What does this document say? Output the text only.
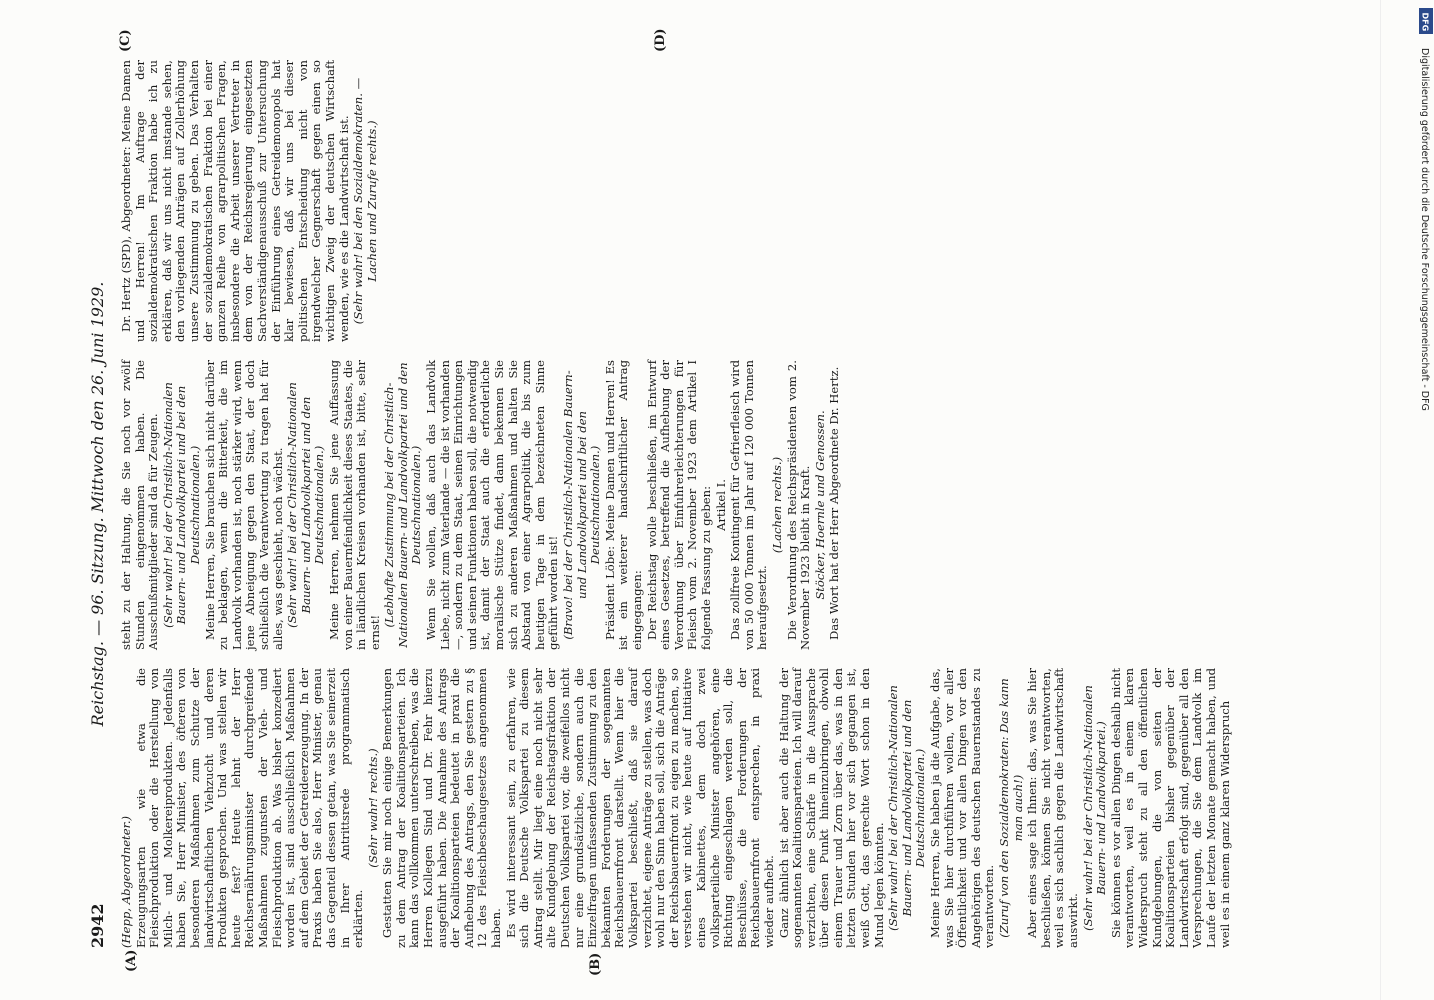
2942
Reichstag. — 96. Sitzung. Mittwoch den 26. Juni 1929.
(A)	(B)
(C)	(D)

(Hepp, Abgeordneter.) Erzeugungsarten wie etwa die Fleischproduktion oder die Herstellung von Milch- und Molkereiprodukten. Jedenfalls haben Sie, Herr Minister, des öfteren von besonderen Maßnahmen zum Schutze der landwirtschaftlichen Viehzucht und deren Produkten gesprochen. Und was stellen wir heute fest? Heute lehnt der Herr Reichsernährungsminister durchgreifende Maßnahmen zugunsten der Vieh- und Fleischproduktion ab. Was bisher konzediert worden ist, sind ausschließlich Maßnahmen auf dem Gebiet der Getreideerzeugung. In der Praxis haben Sie also, Herr Minister, genau das Gegenteil dessen getan, was Sie seinerzeit in Ihrer Antrittsrede programmatisch erklärten.

(Sehr wahr! rechts.) Gestatten Sie mir noch einige Bemerkungen zu dem Antrag der Koalitionsparteien. Ich kann das vollkommen unterschreiben, was die Herren Kollegen Sind und Dr. Fehr hierzu ausgeführt haben. Die Annahme des Antrags der Koalitionsparteien bedeutet in praxi die Aufhebung des Antrags, den Sie gestern zu § 12 des Fleischbeschaugesetzes angenommen haben. Es wird interessant sein, zu erfahren, wie sich die Deutsche Volkspartei zu diesem Antrag stellt. Mir liegt eine noch nicht sehr alte Kundgebung der Reichstagsfraktion der Deutschen Volkspartei vor, die zweifellos nicht nur eine grundsätzliche, sondern auch die Einzelfragen umfassenden Zustimmung zu den bekannten Forderungen der sogenannten Reichsbauernfront darstellt. Wenn hier die Volkspartei beschließt, daß sie darauf verzichtet, eigene Anträge zu stellen, was doch wohl nur den Sinn haben soll, sich die Anträge der Reichsbauernfront zu eigen zu machen, so verstehen wir nicht, wie heute auf Initiative eines Kabinettes, dem doch zwei volksparteiliche Minister angehören, eine Richtung eingeschlagen werden soll, die Beschlüsse, die Forderungen der Reichsbauernfront entsprechen, in praxi wieder aufhebt. Ganz ähnlich ist aber auch die Haltung der sogenannten Koalitionsparteien. Ich will darauf verzichten, eine Schärfe in die Aussprache über diesen Punkt hineinzubringen, obwohl einem Trauer und Zorn über das, was in den letzten Stunden hier vor sich gegangen ist, weiß Gott, das gerechte Wort schon in den Mund legen könnten. (Sehr wahr! bei der Christlich-Nationalen Bauern- und Landvolkpartei und den Deutschnationalen.) Meine Herren, Sie haben ja die Aufgabe, das, was Sie hier durchführen wollen, vor aller Öffentlichkeit und vor allen Dingen vor den Angehörigen des deutschen Bauernstandes zu verantworten. (Zuruf von den Sozialdemokraten: Das kann man auch!) Aber eines sage ich Ihnen: das, was Sie hier beschließen, können Sie nicht verantworten, weil es sich sachlich gegen die Landwirtschaft auswirkt. (Sehr wahr! bei der Christlich-Nationalen Bauern- und Landvolkpartei.) Sie können es vor allen Dingen deshalb nicht verantworten, weil es in einem klaren Widerspruch steht zu all den öffentlichen Kundgebungen, die von seiten der Koalitionsparteien bisher gegenüber der Landwirtschaft erfolgt sind, gegenüber all den Versprechungen, die Sie dem Landvolk im Laufe der letzten Monate gemacht haben, und weil es in einem ganz klaren Widerspruch

steht zu der Haltung, die Sie noch vor zwölf Stunden eingenommen haben. Die Ausschußmitglieder sind da für Zeugen. (Sehr wahr! bei der Christlich-Nationalen Bauern- und Landvolkpartei und bei den Deutschnationalen.) Meine Herren, Sie brauchen sich nicht darüber zu beklagen, wenn die Bitterkeit, die im Landvolk vorhanden ist, noch stärker wird, wenn jene Abneigung gegen den Staat, der doch schließlich die Verantwortung zu tragen hat für alles, was geschieht, noch wächst. (Sehr wahr! bei der Christlich-Nationalen Bauern- und Landvolkpartei und den Deutschnationalen.) Meine Herren, nehmen Sie jene Auffassung von einer Bauernfeindlichkeit dieses Staates, die in ländlichen Kreisen vorhanden ist, bitte, sehr ernst!

(Lebhafte Zustimmung bei der Christlich-Nationalen Bauern- und Landvolkpartei und den Deutschnationalen.) Wenn Sie wollen, daß auch das Landvolk Liebe, nicht zum Vaterlande — die ist vorhanden —, sondern zu dem Staat, seinen Einrichtungen und seinen Funktionen haben soll, die notwendig ist, damit der Staat auch die erforderliche moralische Stütze findet, dann bekennen Sie sich zu anderen Maßnahmen und halten Sie Abstand von einer Agrarpolitik, die bis zum heutigen Tage in dem bezeichneten Sinne geführt worden ist! (Bravo! bei der Christlich-Nationalen Bauern- und Landvolkpartei und bei den Deutschnationalen.) Präsident Löbe: Meine Damen und Herren! Es ist ein weiterer handschriftlicher Antrag eingegangen: Der Reichstag wolle beschließen, im Entwurf eines Gesetzes, betreffend die Aufhebung der Verordnung über Einfuhrerleichterungen für Fleisch vom 2. November 1923 dem Artikel I folgende Fassung zu geben: Artikel I. Das zollfreie Kontingent für Gefrierfleisch wird von 50 000 Tonnen im Jahr auf 120 000 Tonnen heraufgesetzt.

(Lachen rechts.) Die Verordnung des Reichspräsidenten vom 2. November 1923 bleibt in Kraft. Stöcker, Hoernle und Genossen. Das Wort hat der Herr Abgeordnete Dr. Hertz.

Dr. Hertz (SPD), Abgeordneter: Meine Damen und Herren! Im Auftrage der sozialdemokratischen Fraktion habe ich zu erklären, daß wir uns nicht imstande sehen, den vorliegenden Anträgen auf Zollerhöhung unsere Zustimmung zu geben. Das Verhalten der sozialdemokratischen Fraktion bei einer ganzen Reihe von agrarpolitischen Fragen, insbesondere die Arbeit unserer Vertreter in dem von der Reichsregierung eingesetzten Sachverständigenausschuß zur Untersuchung der Einführung eines Getreidemonopols hat klar bewiesen, daß wir uns bei dieser politischen Entscheidung nicht von irgendwelcher Gegnerschaft gegen einen so wichtigen Zweig der deutschen Wirtschaft wenden, wie es die Landwirtschaft ist. (Sehr wahr! bei den Sozialdemokraten. — Lachen und Zurufe rechts.)

DFG
Digitalisierung gefördert durch die Deutsche Forschungsgemeinschaft - DFG
